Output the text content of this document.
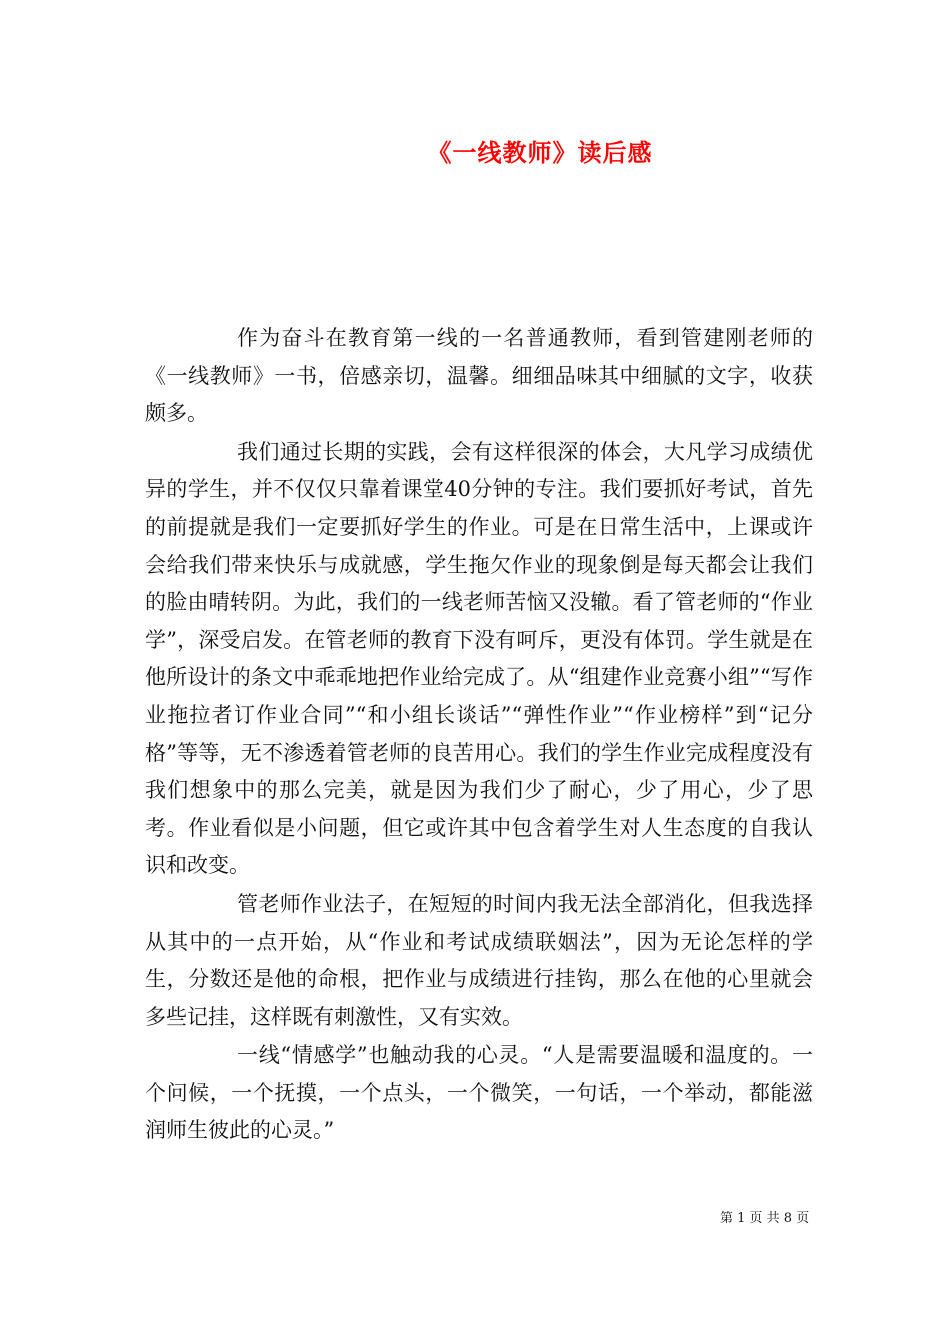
《一线教师》读后感

作为奋斗在教育第一线的一名普通教师，看到管建刚老师的《一线教师》一书，倍感亲切，温馨。细细品味其中细腻的文字，收获颇多。

我们通过长期的实践，会有这样很深的体会，大凡学习成绩优异的学生，并不仅仅只靠着课堂40分钟的专注。我们要抓好考试，首先的前提就是我们一定要抓好学生的作业。可是在日常生活中，上课或许会给我们带来快乐与成就感，学生拖欠作业的现象倒是每天都会让我们的脸由晴转阴。为此，我们的一线老师苦恼又没辙。看了管老师的“作业学”，深受启发。在管老师的教育下没有呵斥，更没有体罚。学生就是在他所设计的条文中乖乖地把作业给完成了。从“组建作业竞赛小组”“写作业拖拉者订作业合同”“和小组长谈话”“弹性作业”“作业榜样”到“记分格”等等，无不渗透着管老师的良苦用心。我们的学生作业完成程度没有我们想象中的那么完美，就是因为我们少了耐心，少了用心，少了思考。作业看似是小问题，但它或许其中包含着学生对人生态度的自我认识和改变。

管老师作业法子，在短短的时间内我无法全部消化，但我选择从其中的一点开始，从“作业和考试成绩联姻法”，因为无论怎样的学生，分数还是他的命根，把作业与成绩进行挂钩，那么在他的心里就会多些记挂，这样既有刺激性，又有实效。

一线“情感学”也触动我的心灵。“人是需要温暖和温度的。一个问候，一个抚摸，一个点头，一个微笑，一句话，一个举动，都能滋润师生彼此的心灵。”

第 1 页 共 8 页
